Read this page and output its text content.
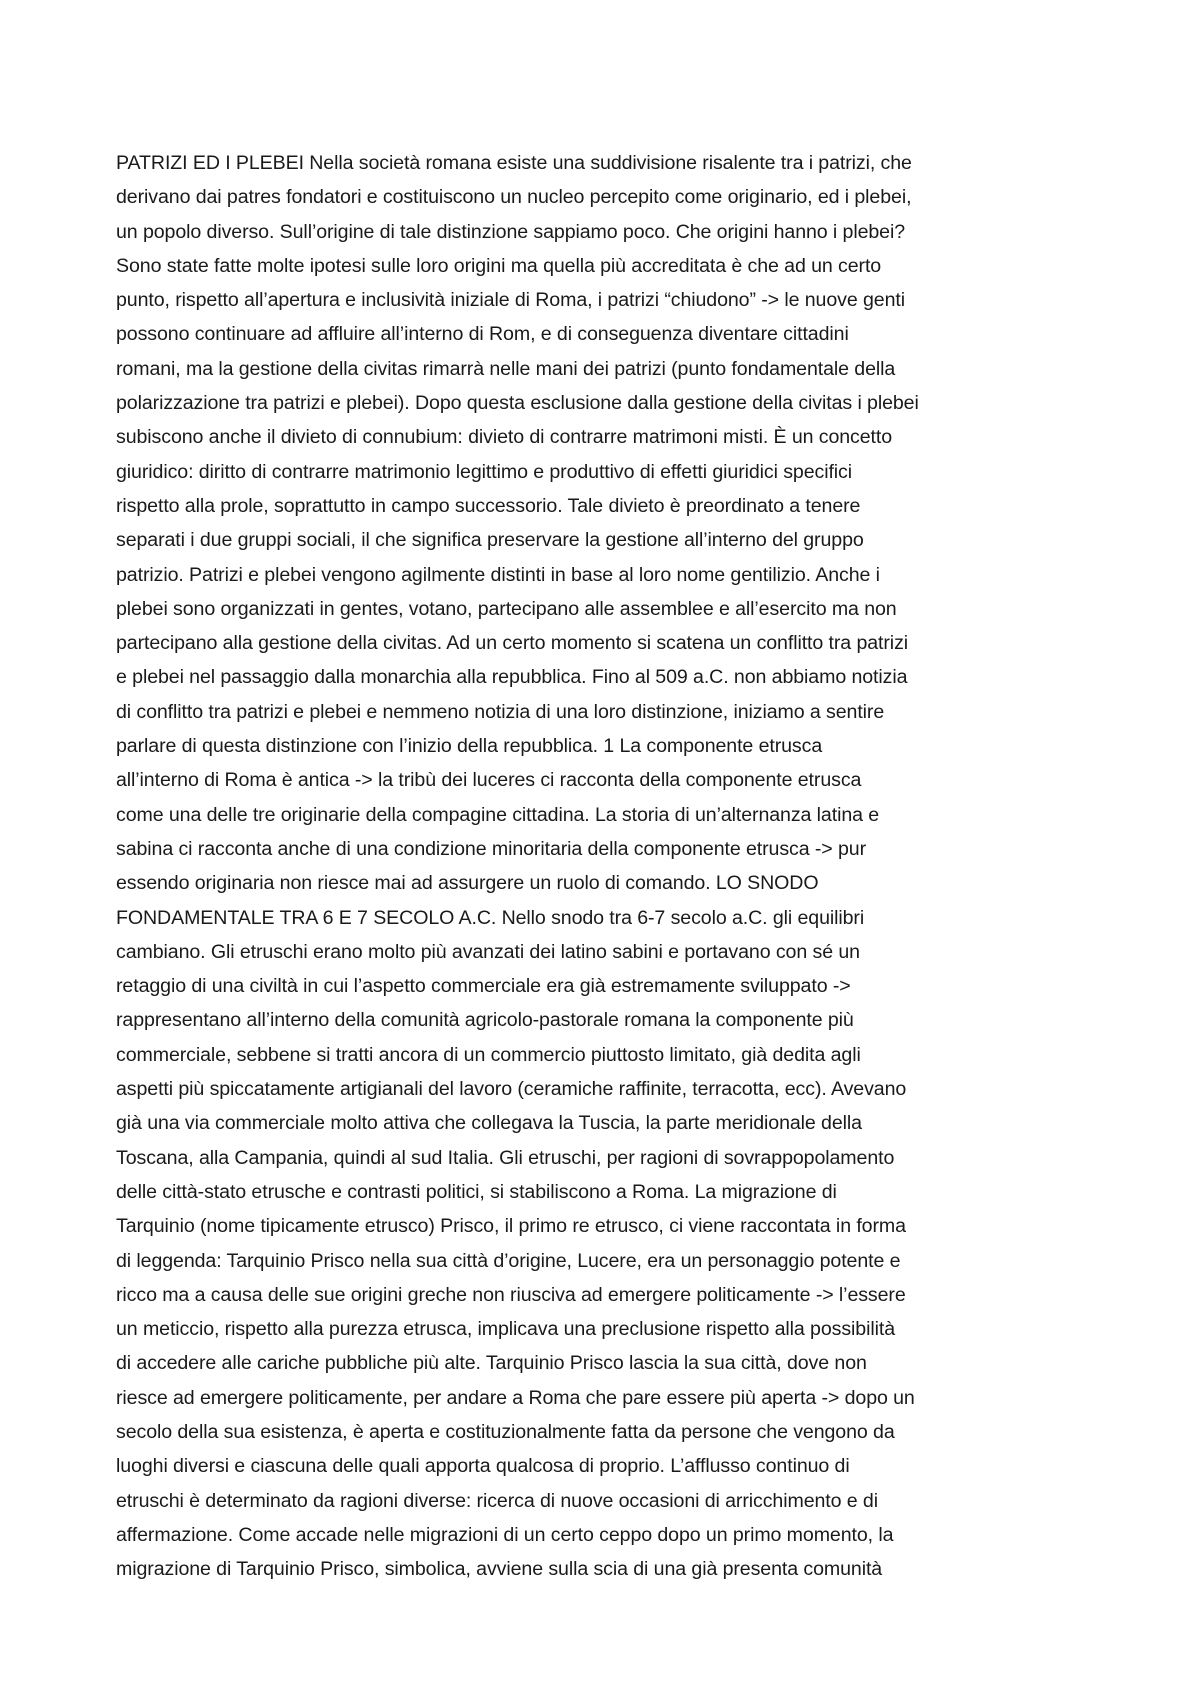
PATRIZI ED I PLEBEI Nella società romana esiste una suddivisione risalente tra i patrizi, che
derivano dai patres fondatori e costituiscono un nucleo percepito come originario, ed i plebei,
un popolo diverso. Sull’origine di tale distinzione sappiamo poco. Che origini hanno i plebei?
Sono state fatte molte ipotesi sulle loro origini ma quella più accreditata è che ad un certo
punto, rispetto all’apertura e inclusività iniziale di Roma, i patrizi “chiudono” -> le nuove genti
possono continuare ad affluire all’interno di Rom, e di conseguenza diventare cittadini
romani, ma la gestione della civitas rimarrà nelle mani dei patrizi (punto fondamentale della
polarizzazione tra patrizi e plebei). Dopo questa esclusione dalla gestione della civitas i plebei
subiscono anche il divieto di connubium: divieto di contrarre matrimoni misti. È un concetto
giuridico: diritto di contrarre matrimonio legittimo e produttivo di effetti giuridici specifici
rispetto alla prole, soprattutto in campo successorio. Tale divieto è preordinato a tenere
separati i due gruppi sociali, il che significa preservare la gestione all’interno del gruppo
patrizio. Patrizi e plebei vengono agilmente distinti in base al loro nome gentilizio. Anche i
plebei sono organizzati in gentes, votano, partecipano alle assemblee e all’esercito ma non
partecipano alla gestione della civitas. Ad un certo momento si scatena un conflitto tra patrizi
e plebei nel passaggio dalla monarchia alla repubblica. Fino al 509 a.C. non abbiamo notizia
di conflitto tra patrizi e plebei e nemmeno notizia di una loro distinzione, iniziamo a sentire
parlare di questa distinzione con l’inizio della repubblica. 1 La componente etrusca
all’interno di Roma è antica -> la tribù dei luceres ci racconta della componente etrusca
come una delle tre originarie della compagine cittadina. La storia di un’alternanza latina e
sabina ci racconta anche di una condizione minoritaria della componente etrusca -> pur
essendo originaria non riesce mai ad assurgere un ruolo di comando. LO SNODO
FONDAMENTALE TRA 6 E 7 SECOLO A.C. Nello snodo tra 6-7 secolo a.C. gli equilibri
cambiano. Gli etruschi erano molto più avanzati dei latino sabini e portavano con sé un
retaggio di una civiltà in cui l’aspetto commerciale era già estremamente sviluppato ->
rappresentano all’interno della comunità agricolo-pastorale romana la componente più
commerciale, sebbene si tratti ancora di un commercio piuttosto limitato, già dedita agli
aspetti più spiccatamente artigianali del lavoro (ceramiche raffinite, terracotta, ecc). Avevano
già una via commerciale molto attiva che collegava la Tuscia, la parte meridionale della
Toscana, alla Campania, quindi al sud Italia. Gli etruschi, per ragioni di sovrappopolamento
delle città-stato etrusche e contrasti politici, si stabiliscono a Roma. La migrazione di
Tarquinio (nome tipicamente etrusco) Prisco, il primo re etrusco, ci viene raccontata in forma
di leggenda: Tarquinio Prisco nella sua città d’origine, Lucere, era un personaggio potente e
ricco ma a causa delle sue origini greche non riusciva ad emergere politicamente -> l’essere
un meticcio, rispetto alla purezza etrusca, implicava una preclusione rispetto alla possibilità
di accedere alle cariche pubbliche più alte. Tarquinio Prisco lascia la sua città, dove non
riesce ad emergere politicamente, per andare a Roma che pare essere più aperta -> dopo un
secolo della sua esistenza, è aperta e costituzionalmente fatta da persone che vengono da
luoghi diversi e ciascuna delle quali apporta qualcosa di proprio. L’afflusso continuo di
etruschi è determinato da ragioni diverse: ricerca di nuove occasioni di arricchimento e di
affermazione. Come accade nelle migrazioni di un certo ceppo dopo un primo momento, la
migrazione di Tarquinio Prisco, simbolica, avviene sulla scia di una già presenta comunità
